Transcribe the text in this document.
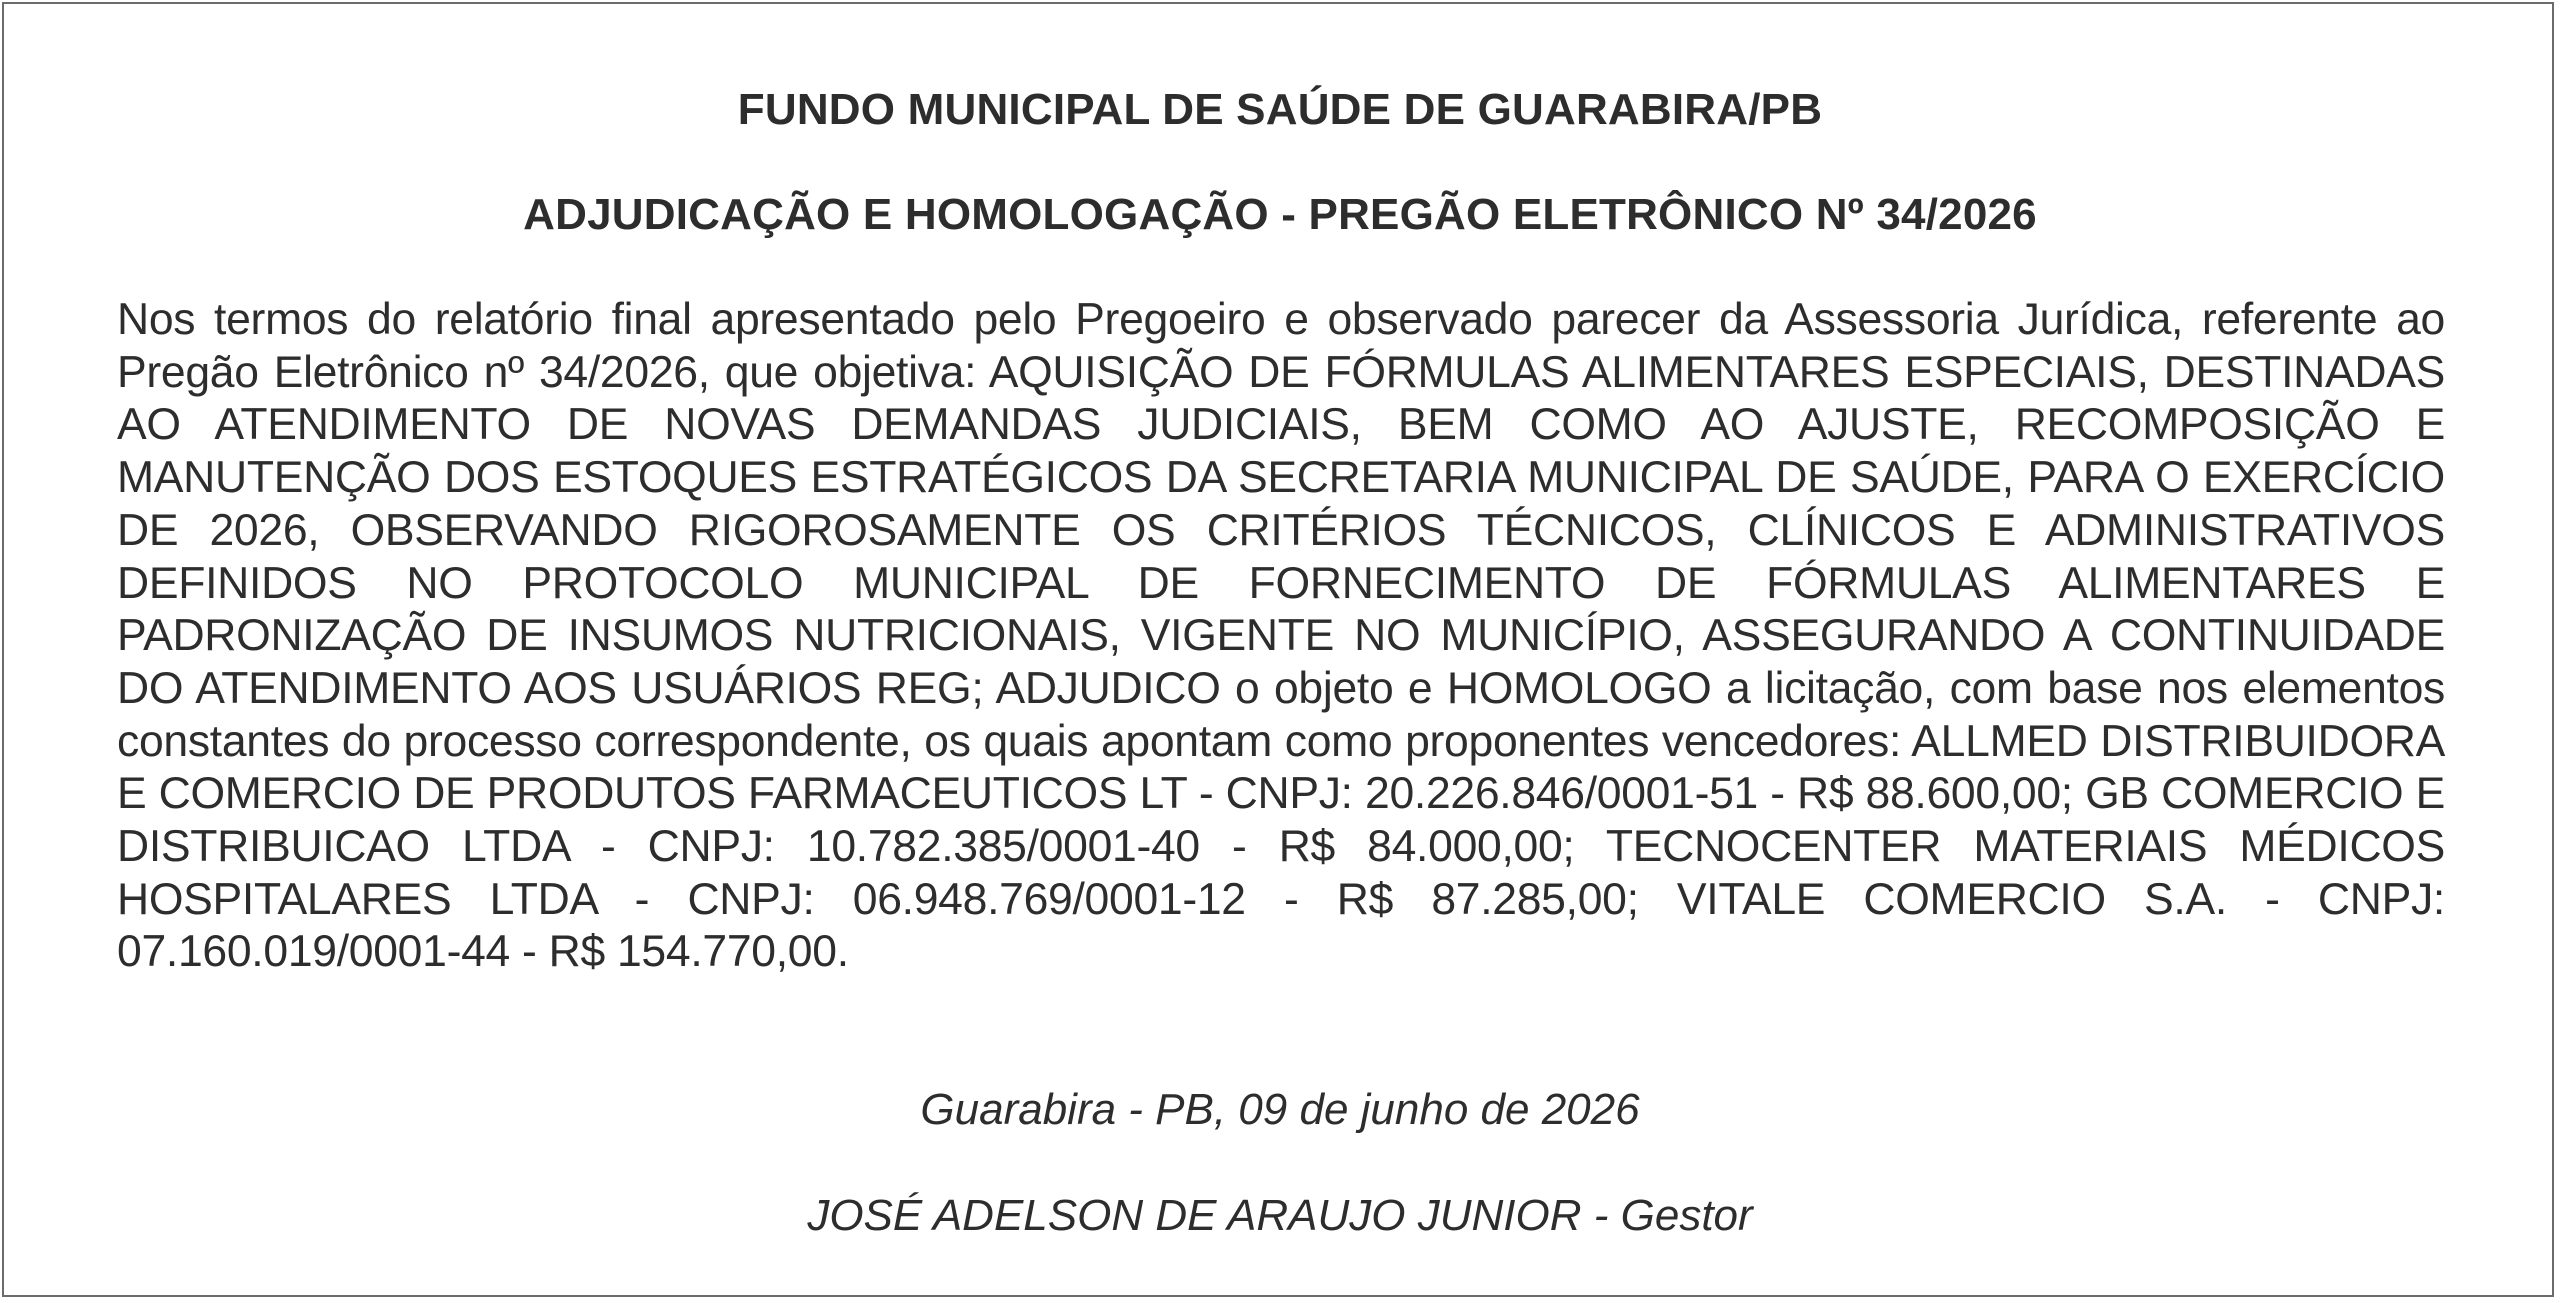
FUNDO MUNICIPAL DE SAÚDE DE GUARABIRA/PB
ADJUDICAÇÃO E HOMOLOGAÇÃO - PREGÃO ELETRÔNICO Nº 34/2026

Nos termos do relatório final apresentado pelo Pregoeiro e observado parecer da Assessoria Jurídica, referente ao Pregão Eletrônico nº 34/2026, que objetiva: AQUISIÇÃO DE FÓRMULAS ALIMENTARES ESPECIAIS, DESTINADAS AO ATENDIMENTO DE NOVAS DEMANDAS JUDICIAIS, BEM COMO AO AJUSTE, RECOMPOSIÇÃO E MANUTENÇÃO DOS ESTOQUES ESTRATÉGICOS DA SECRETARIA MUNICIPAL DE SAÚDE, PARA O EXERCÍCIO DE 2026, OBSERVANDO RIGOROSAMENTE OS CRITÉRIOS TÉCNICOS, CLÍNICOS E ADMINISTRATIVOS DEFINIDOS NO PROTOCOLO MUNICIPAL DE FORNECIMENTO DE FÓRMULAS ALIMENTARES E PADRONIZAÇÃO DE INSUMOS NUTRICIONAIS, VIGENTE NO MUNICÍPIO, ASSEGURANDO A CONTINUIDADE DO ATENDIMENTO AOS USUÁRIOS REG; ADJUDICO o objeto e HOMOLOGO a licitação, com base nos elementos constantes do processo correspondente, os quais apontam como proponentes vencedores: ALLMED DISTRIBUIDORA E COMERCIO DE PRODUTOS FARMACEUTICOS LT - CNPJ: 20.226.846/0001-51 - R$ 88.600,00; GB COMERCIO E DISTRIBUICAO LTDA - CNPJ: 10.782.385/0001-40 - R$ 84.000,00; TECNOCENTER MATERIAIS MÉDICOS HOSPITALARES LTDA - CNPJ: 06.948.769/0001-12 - R$ 87.285,00; VITALE COMERCIO S.A. - CNPJ: 07.160.019/0001-44 - R$ 154.770,00.

Guarabira - PB, 09 de junho de 2026

JOSÉ ADELSON DE ARAUJO JUNIOR - Gestor
